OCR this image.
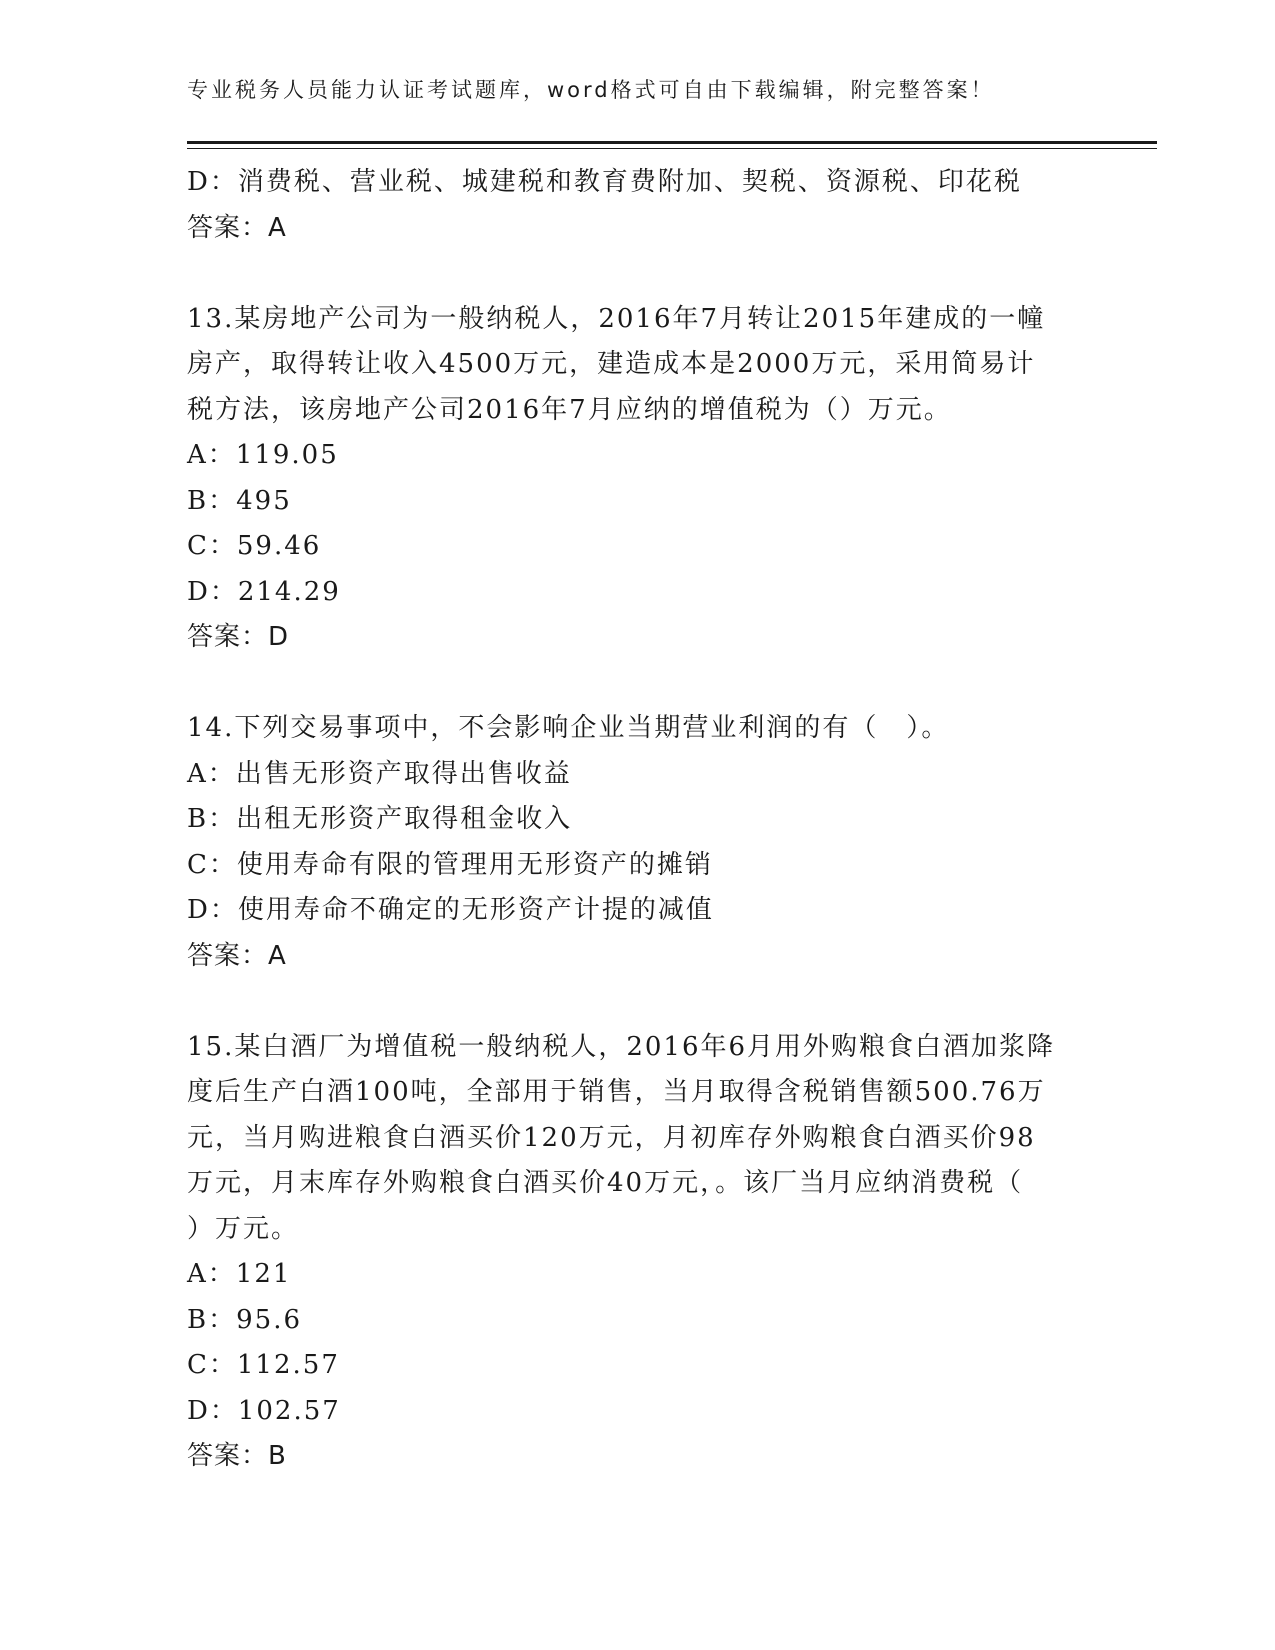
专业税务人员能力认证考试题库，word格式可自由下载编辑，附完整答案！
D：消费税、营业税、城建税和教育费附加、契税、资源税、印花税
答案：A
13.某房地产公司为一般纳税人，2016年7月转让2015年建成的一幢
房产，取得转让收入4500万元，建造成本是2000万元，采用简易计
税方法，该房地产公司2016年7月应纳的增值税为（）万元。
A：119.05
B：495
C：59.46
D：214.29
答案：D
14.下列交易事项中，不会影响企业当期营业利润的有（　）。
A：出售无形资产取得出售收益
B：出租无形资产取得租金收入
C：使用寿命有限的管理用无形资产的摊销
D：使用寿命不确定的无形资产计提的减值
答案：A
15.某白酒厂为增值税一般纳税人，2016年6月用外购粮食白酒加浆降
度后生产白酒100吨，全部用于销售，当月取得含税销售额500.76万
元，当月购进粮食白酒买价120万元，月初库存外购粮食白酒买价98
万元，月末库存外购粮食白酒买价40万元，。该厂当月应纳消费税（
）万元。
A：121
B：95.6
C：112.57
D：102.57
答案：B
